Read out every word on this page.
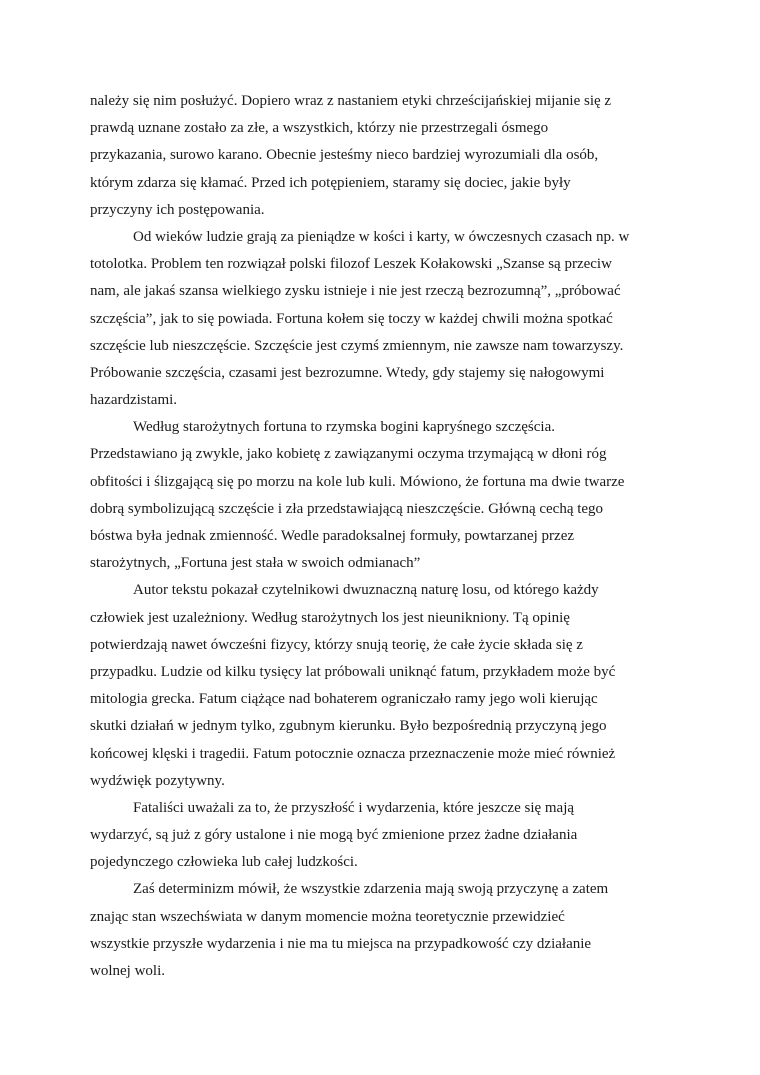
należy się nim posłużyć. Dopiero wraz z nastaniem etyki chrześcijańskiej mijanie się z
prawdą uznane zostało za złe, a wszystkich, którzy nie przestrzegali ósmego
przykazania, surowo karano. Obecnie jesteśmy nieco bardziej wyrozumiali dla osób,
którym zdarza się kłamać. Przed ich potępieniem, staramy się dociec, jakie były
przyczyny ich postępowania.
Od wieków ludzie grają za pieniądze w kości i karty, w ówczesnych czasach np. w
totolotka. Problem ten rozwiązał polski filozof Leszek Kołakowski „Szanse są przeciw
nam, ale jakaś szansa wielkiego zysku istnieje i nie jest rzeczą bezrozumną”, „próbować
szczęścia”, jak to się powiada. Fortuna kołem się toczy w każdej chwili można spotkać
szczęście lub nieszczęście. Szczęście jest czymś zmiennym, nie zawsze nam towarzyszy.
Próbowanie szczęścia, czasami jest bezrozumne. Wtedy, gdy stajemy się nałogowymi
hazardzistami.
Według starożytnych fortuna to rzymska bogini kapryśnego szczęścia.
Przedstawiano ją zwykle, jako kobietę z zawiązanymi oczyma trzymającą w dłoni róg
obfitości i ślizgającą się po morzu na kole lub kuli. Mówiono, że fortuna ma dwie twarze
dobrą symbolizującą szczęście i zła przedstawiającą nieszczęście. Główną cechą tego
bóstwa była jednak zmienność. Wedle paradoksalnej formuły, powtarzanej przez
starożytnych, „Fortuna jest stała w swoich odmianach”
Autor tekstu pokazał czytelnikowi dwuznaczną naturę losu, od którego każdy
człowiek jest uzależniony. Według starożytnych los jest nieunikniony. Tą opinię
potwierdzają nawet ówcześni fizycy, którzy snują teorię, że całe życie składa się z
przypadku. Ludzie od kilku tysięcy lat próbowali uniknąć fatum, przykładem może być
mitologia grecka. Fatum ciążące nad bohaterem ograniczało ramy jego woli kierując
skutki działań w jednym tylko, zgubnym kierunku. Było bezpośrednią przyczyną jego
końcowej klęski i tragedii. Fatum potocznie oznacza przeznaczenie może mieć również
wydźwięk pozytywny.
Fataliści uważali za to, że przyszłość i wydarzenia, które jeszcze się mają
wydarzyć, są już z góry ustalone i nie mogą być zmienione przez żadne działania
pojedynczego człowieka lub całej ludzkości.
Zaś determinizm mówił, że wszystkie zdarzenia mają swoją przyczynę a zatem
znając stan wszechświata w danym momencie można teoretycznie przewidzieć
wszystkie przyszłe wydarzenia i nie ma tu miejsca na przypadkowość czy działanie
wolnej woli.
